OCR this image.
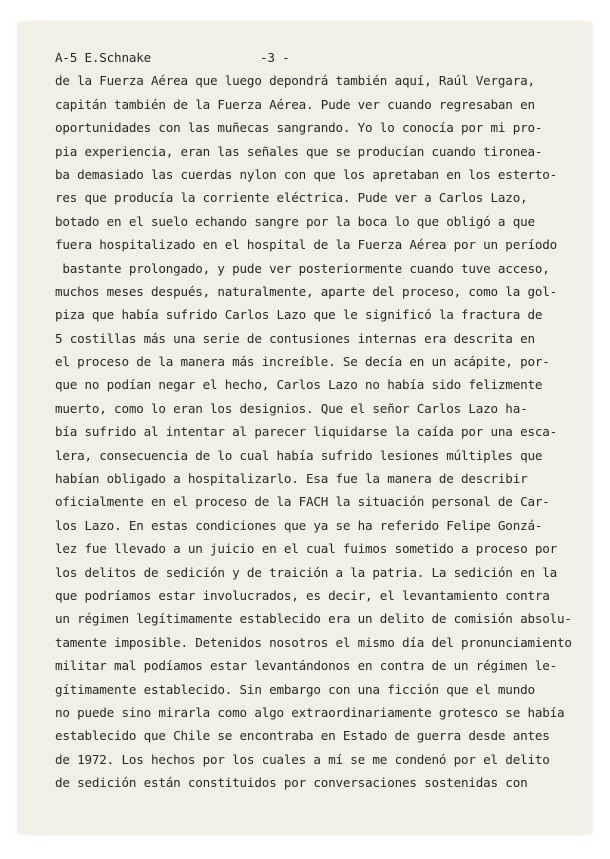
A-5 E.Schnake	-3 -
de la Fuerza Aérea que luego depondrá también aquí, Raúl Vergara,
capitán también de la Fuerza Aérea. Pude ver cuando regresaban en
oportunidades con las muñecas sangrando. Yo lo conocía por mi pro-
pia experiencia, eran las señales que se producían cuando tironea-
ba demasiado las cuerdas nylon con que los apretaban en los esterto-
res que producía la corriente eléctrica. Pude ver a Carlos Lazo,
botado en el suelo echando sangre por la boca lo que obligó a que
fuera hospitalizado en el hospital de la Fuerza Aérea por un período
bastante prolongado, y pude ver posteriormente cuando tuve acceso,
muchos meses después, naturalmente, aparte del proceso, como la gol-
piza que había sufrido Carlos Lazo que le significó la fractura de
5 costillas más una serie de contusiones internas era descrita en
el proceso de la manera más increíble. Se decía en un acápite, por-
que no podían negar el hecho, Carlos Lazo no había sido felizmente
muerto, como lo eran los designios. Que el señor Carlos Lazo ha-
bía sufrido al intentar al parecer liquidarse la caída por una esca-
lera, consecuencia de lo cual había sufrido lesiones múltiples que
habían obligado a hospitalizarlo. Esa fue la manera de describir
oficialmente en el proceso de la FACH la situación personal de Car-
los Lazo. En estas condiciones que ya se ha referido Felipe Gonzá-
lez fue llevado a un juicio en el cual fuimos sometido a proceso por
los delitos de sedición y de traición a la patria. La sedición en la
que podríamos estar involucrados, es decir, el levantamiento contra
un régimen legítimamente establecido era un delito de comisión absolu-
tamente imposible. Detenidos nosotros el mismo día del pronunciamiento
militar mal podíamos estar levantándonos en contra de un régimen le-
gítimamente establecido. Sin embargo con una ficción que el mundo
no puede sino mirarla como algo extraordinariamente grotesco se había
establecido que Chile se encontraba en Estado de guerra desde antes
de 1972. Los hechos por los cuales a mí se me condenó por el delito
de sedición están constituidos por conversaciones sostenidas con
